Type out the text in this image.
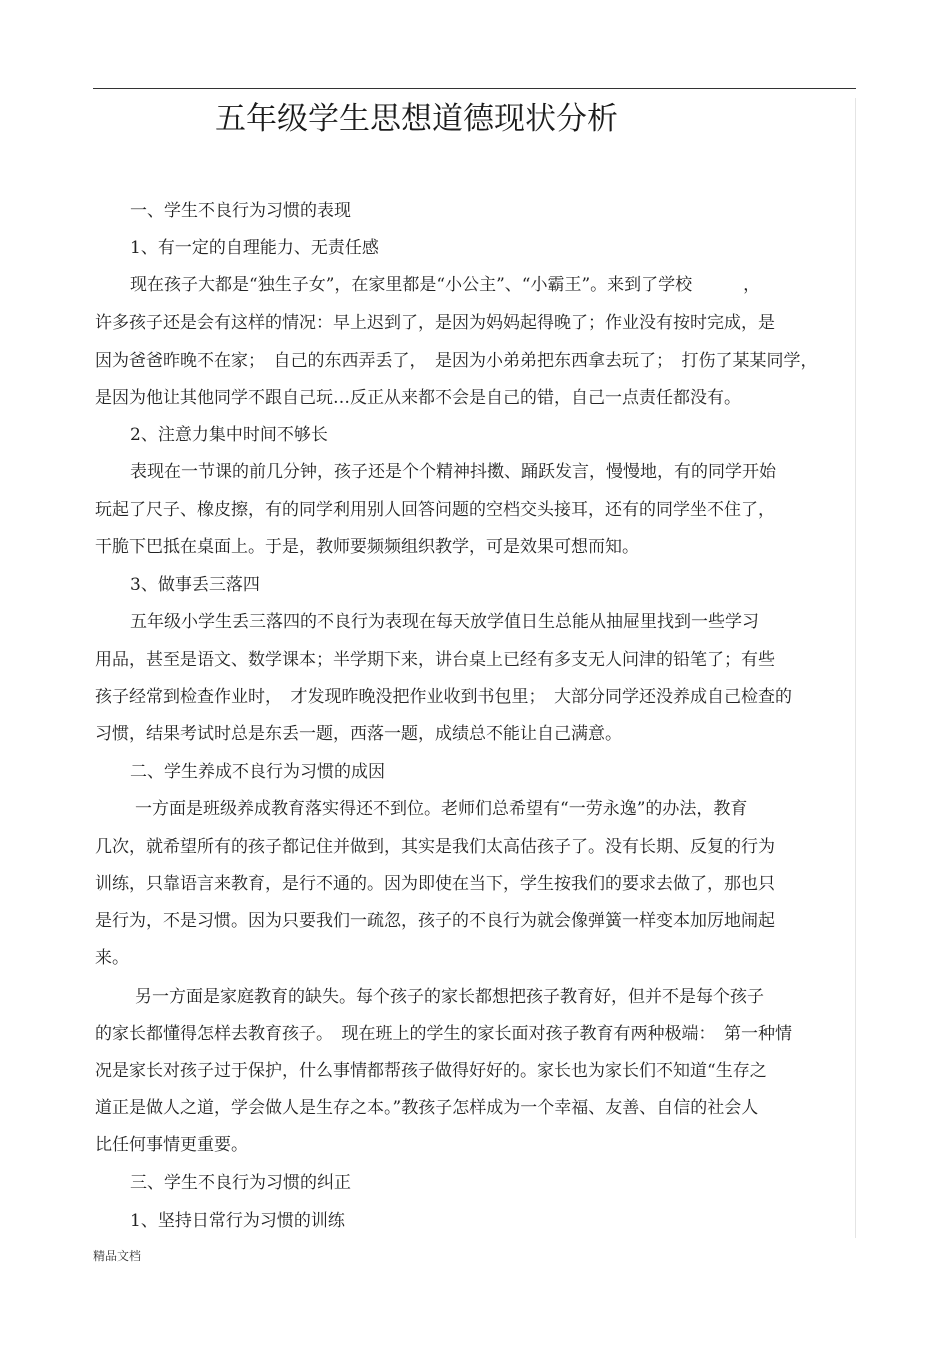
五年级学生思想道德现状分析
一、学生不良行为习惯的表现
1、有一定的自理能力、无责任感
现在孩子大都是“独生子女”，在家里都是“小公主”、“小霸王”。来到了学校　　　，
许多孩子还是会有这样的情况：早上迟到了，是因为妈妈起得晚了；作业没有按时完成，是
因为爸爸昨晚不在家；　自己的东西弄丢了，　是因为小弟弟把东西拿去玩了；　打伤了某某同学，
是因为他让其他同学不跟自己玩…反正从来都不会是自己的错，自己一点责任都没有。
2、注意力集中时间不够长
表现在一节课的前几分钟，孩子还是个个精神抖擞、踊跃发言，慢慢地，有的同学开始
玩起了尺子、橡皮擦，有的同学利用别人回答问题的空档交头接耳，还有的同学坐不住了，
干脆下巴抵在桌面上。于是，教师要频频组织教学，可是效果可想而知。
3、做事丢三落四
五年级小学生丢三落四的不良行为表现在每天放学值日生总能从抽屉里找到一些学习
用品，甚至是语文、数学课本；半学期下来，讲台桌上已经有多支无人问津的铅笔了；有些
孩子经常到检查作业时，　才发现昨晚没把作业收到书包里；　大部分同学还没养成自己检查的
习惯，结果考试时总是东丢一题，西落一题，成绩总不能让自己满意。
二、学生养成不良行为习惯的成因
一方面是班级养成教育落实得还不到位。老师们总希望有“一劳永逸”的办法，教育
几次，就希望所有的孩子都记住并做到，其实是我们太高估孩子了。没有长期、反复的行为
训练，只靠语言来教育，是行不通的。因为即使在当下，学生按我们的要求去做了，那也只
是行为，不是习惯。因为只要我们一疏忽，孩子的不良行为就会像弹簧一样变本加厉地闹起
来。
另一方面是家庭教育的缺失。每个孩子的家长都想把孩子教育好，但并不是每个孩子
的家长都懂得怎样去教育孩子。　现在班上的学生的家长面对孩子教育有两种极端：　第一种情
况是家长对孩子过于保护，什么事情都帮孩子做得好好的。家长也为家长们不知道“生存之
道正是做人之道，学会做人是生存之本。”教孩子怎样成为一个幸福、友善、自信的社会人
比任何事情更重要。
三、学生不良行为习惯的纠正
1、坚持日常行为习惯的训练
精品文档
